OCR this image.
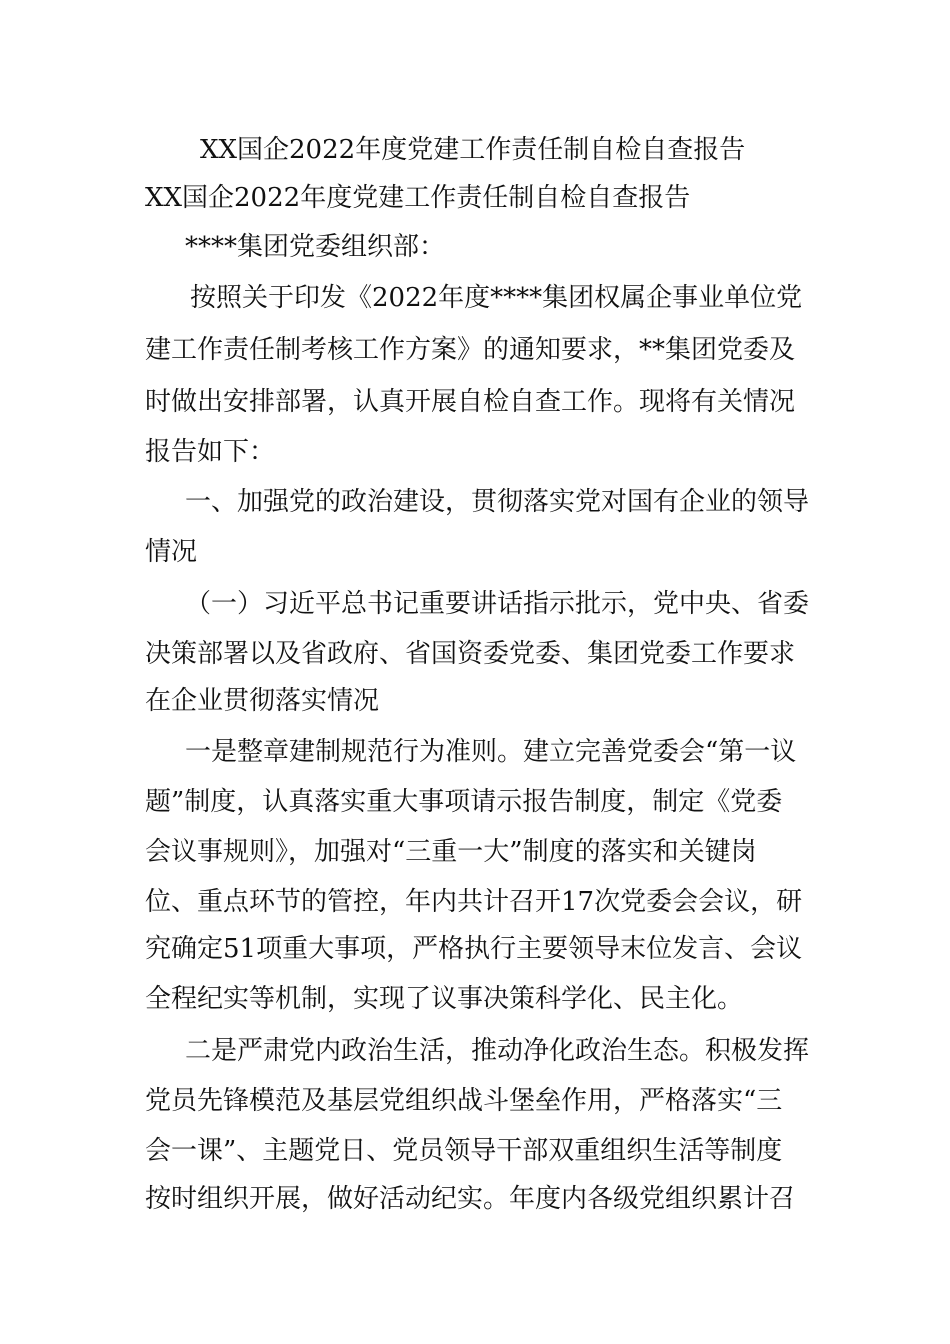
XX国企2022年度党建工作责任制自检自查报告
XX国企2022年度党建工作责任制自检自查报告
****集团党委组织部：
按照关于印发《2022年度****集团权属企事业单位党
建工作责任制考核工作方案》的通知要求，**集团党委及
时做出安排部署，认真开展自检自查工作。现将有关情况
报告如下：
一、加强党的政治建设，贯彻落实党对国有企业的领导
情况
（一）习近平总书记重要讲话指示批示，党中央、省委
决策部署以及省政府、省国资委党委、集团党委工作要求
在企业贯彻落实情况
一是整章建制规范行为准则。建立完善党委会“第一议
题”制度，认真落实重大事项请示报告制度，制定《党委
会议事规则》，加强对“三重一大”制度的落实和关键岗
位、重点环节的管控，年内共计召开17次党委会会议，研
究确定51项重大事项，严格执行主要领导末位发言、会议
全程纪实等机制，实现了议事决策科学化、民主化。
二是严肃党内政治生活，推动净化政治生态。积极发挥
党员先锋模范及基层党组织战斗堡垒作用，严格落实“三
会一课”、主题党日、党员领导干部双重组织生活等制度
按时组织开展，做好活动纪实。年度内各级党组织累计召
